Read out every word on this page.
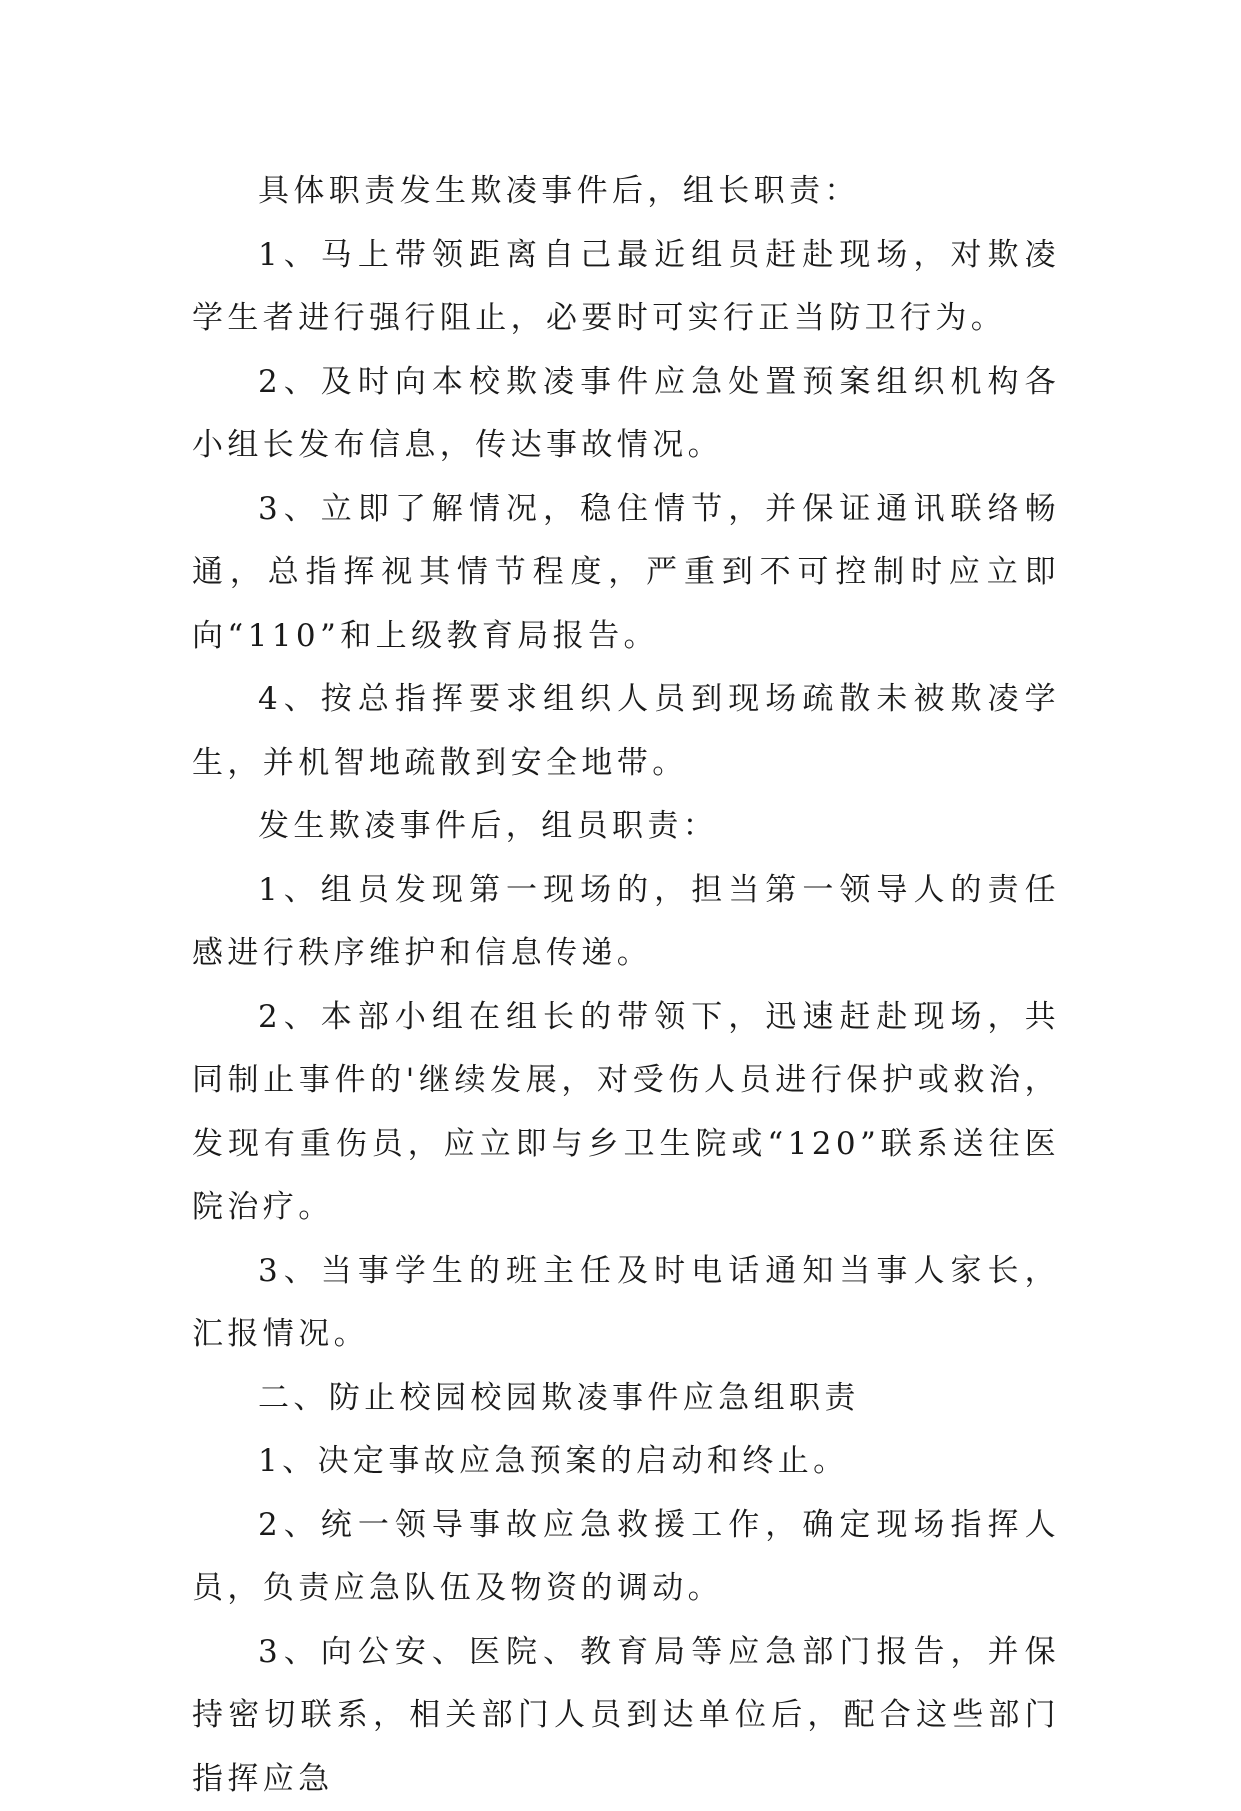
具体职责发生欺凌事件后，组长职责：

1、马上带领距离自己最近组员赶赴现场，对欺凌学生者进行强行阻止，必要时可实行正当防卫行为。

2、及时向本校欺凌事件应急处置预案组织机构各小组长发布信息，传达事故情况。

3、立即了解情况，稳住情节，并保证通讯联络畅通，总指挥视其情节程度，严重到不可控制时应立即向“110”和上级教育局报告。

4、按总指挥要求组织人员到现场疏散未被欺凌学生，并机智地疏散到安全地带。

发生欺凌事件后，组员职责：

1、组员发现第一现场的，担当第一领导人的责任感进行秩序维护和信息传递。

2、本部小组在组长的带领下，迅速赶赴现场，共同制止事件的'继续发展，对受伤人员进行保护或救治，发现有重伤员，应立即与乡卫生院或“120”联系送往医院治疗。

3、当事学生的班主任及时电话通知当事人家长，汇报情况。

二、防止校园校园欺凌事件应急组职责

1、决定事故应急预案的启动和终止。

2、统一领导事故应急救援工作，确定现场指挥人员，负责应急队伍及物资的调动。

3、向公安、医院、教育局等应急部门报告，并保持密切联系，相关部门人员到达单位后，配合这些部门指挥应急
